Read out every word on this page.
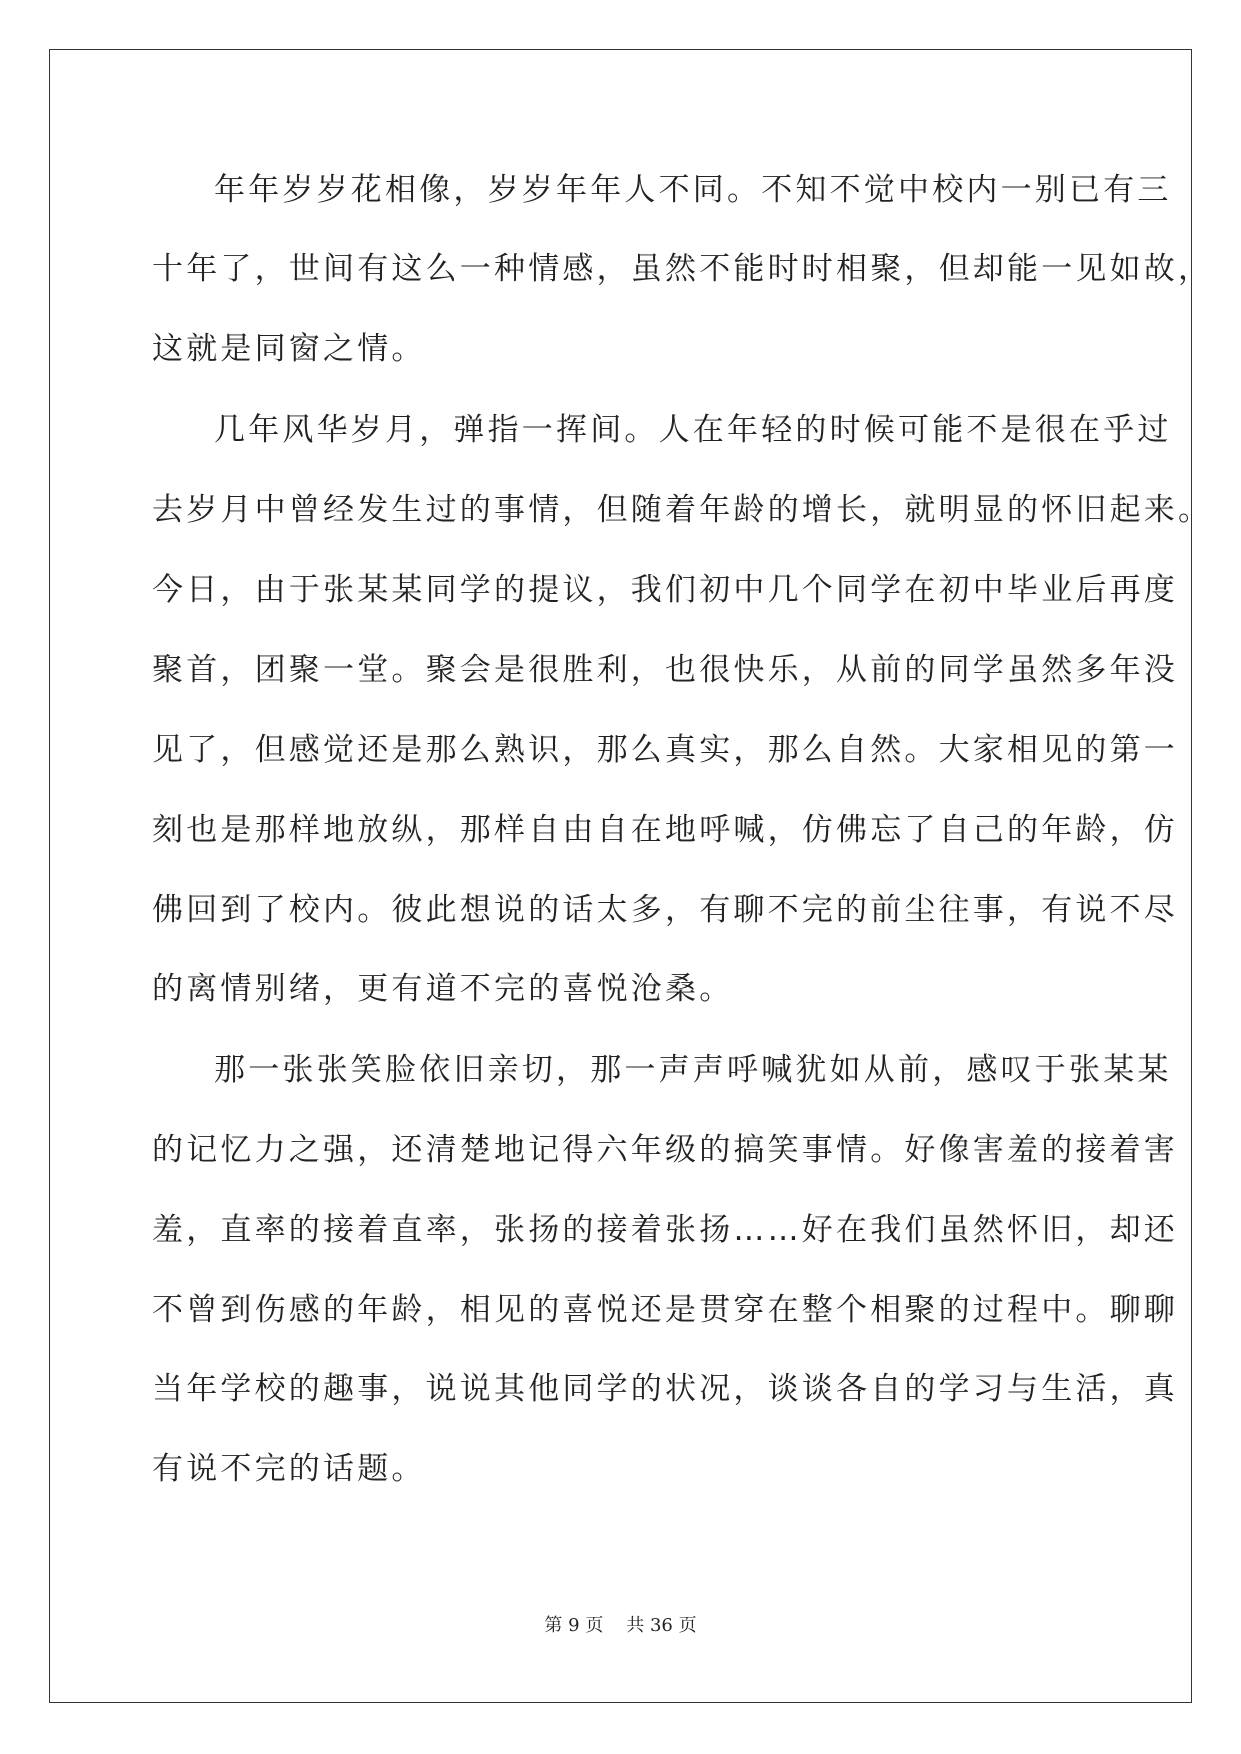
年年岁岁花相像，岁岁年年人不同。不知不觉中校内一别已有三
十年了，世间有这么一种情感，虽然不能时时相聚，但却能一见如故，
这就是同窗之情。
几年风华岁月，弹指一挥间。人在年轻的时候可能不是很在乎过
去岁月中曾经发生过的事情，但随着年龄的增长，就明显的怀旧起来。
今日，由于张某某同学的提议，我们初中几个同学在初中毕业后再度
聚首，团聚一堂。聚会是很胜利，也很快乐，从前的同学虽然多年没
见了，但感觉还是那么熟识，那么真实，那么自然。大家相见的第一
刻也是那样地放纵，那样自由自在地呼喊，仿佛忘了自己的年龄，仿
佛回到了校内。彼此想说的话太多，有聊不完的前尘往事，有说不尽
的离情别绪，更有道不完的喜悦沧桑。
那一张张笑脸依旧亲切，那一声声呼喊犹如从前，感叹于张某某
的记忆力之强，还清楚地记得六年级的搞笑事情。好像害羞的接着害
羞，直率的接着直率，张扬的接着张扬……好在我们虽然怀旧，却还
不曾到伤感的年龄，相见的喜悦还是贯穿在整个相聚的过程中。聊聊
当年学校的趣事，说说其他同学的状况，谈谈各自的学习与生活，真
有说不完的话题。
第 9 页 共 36 页
